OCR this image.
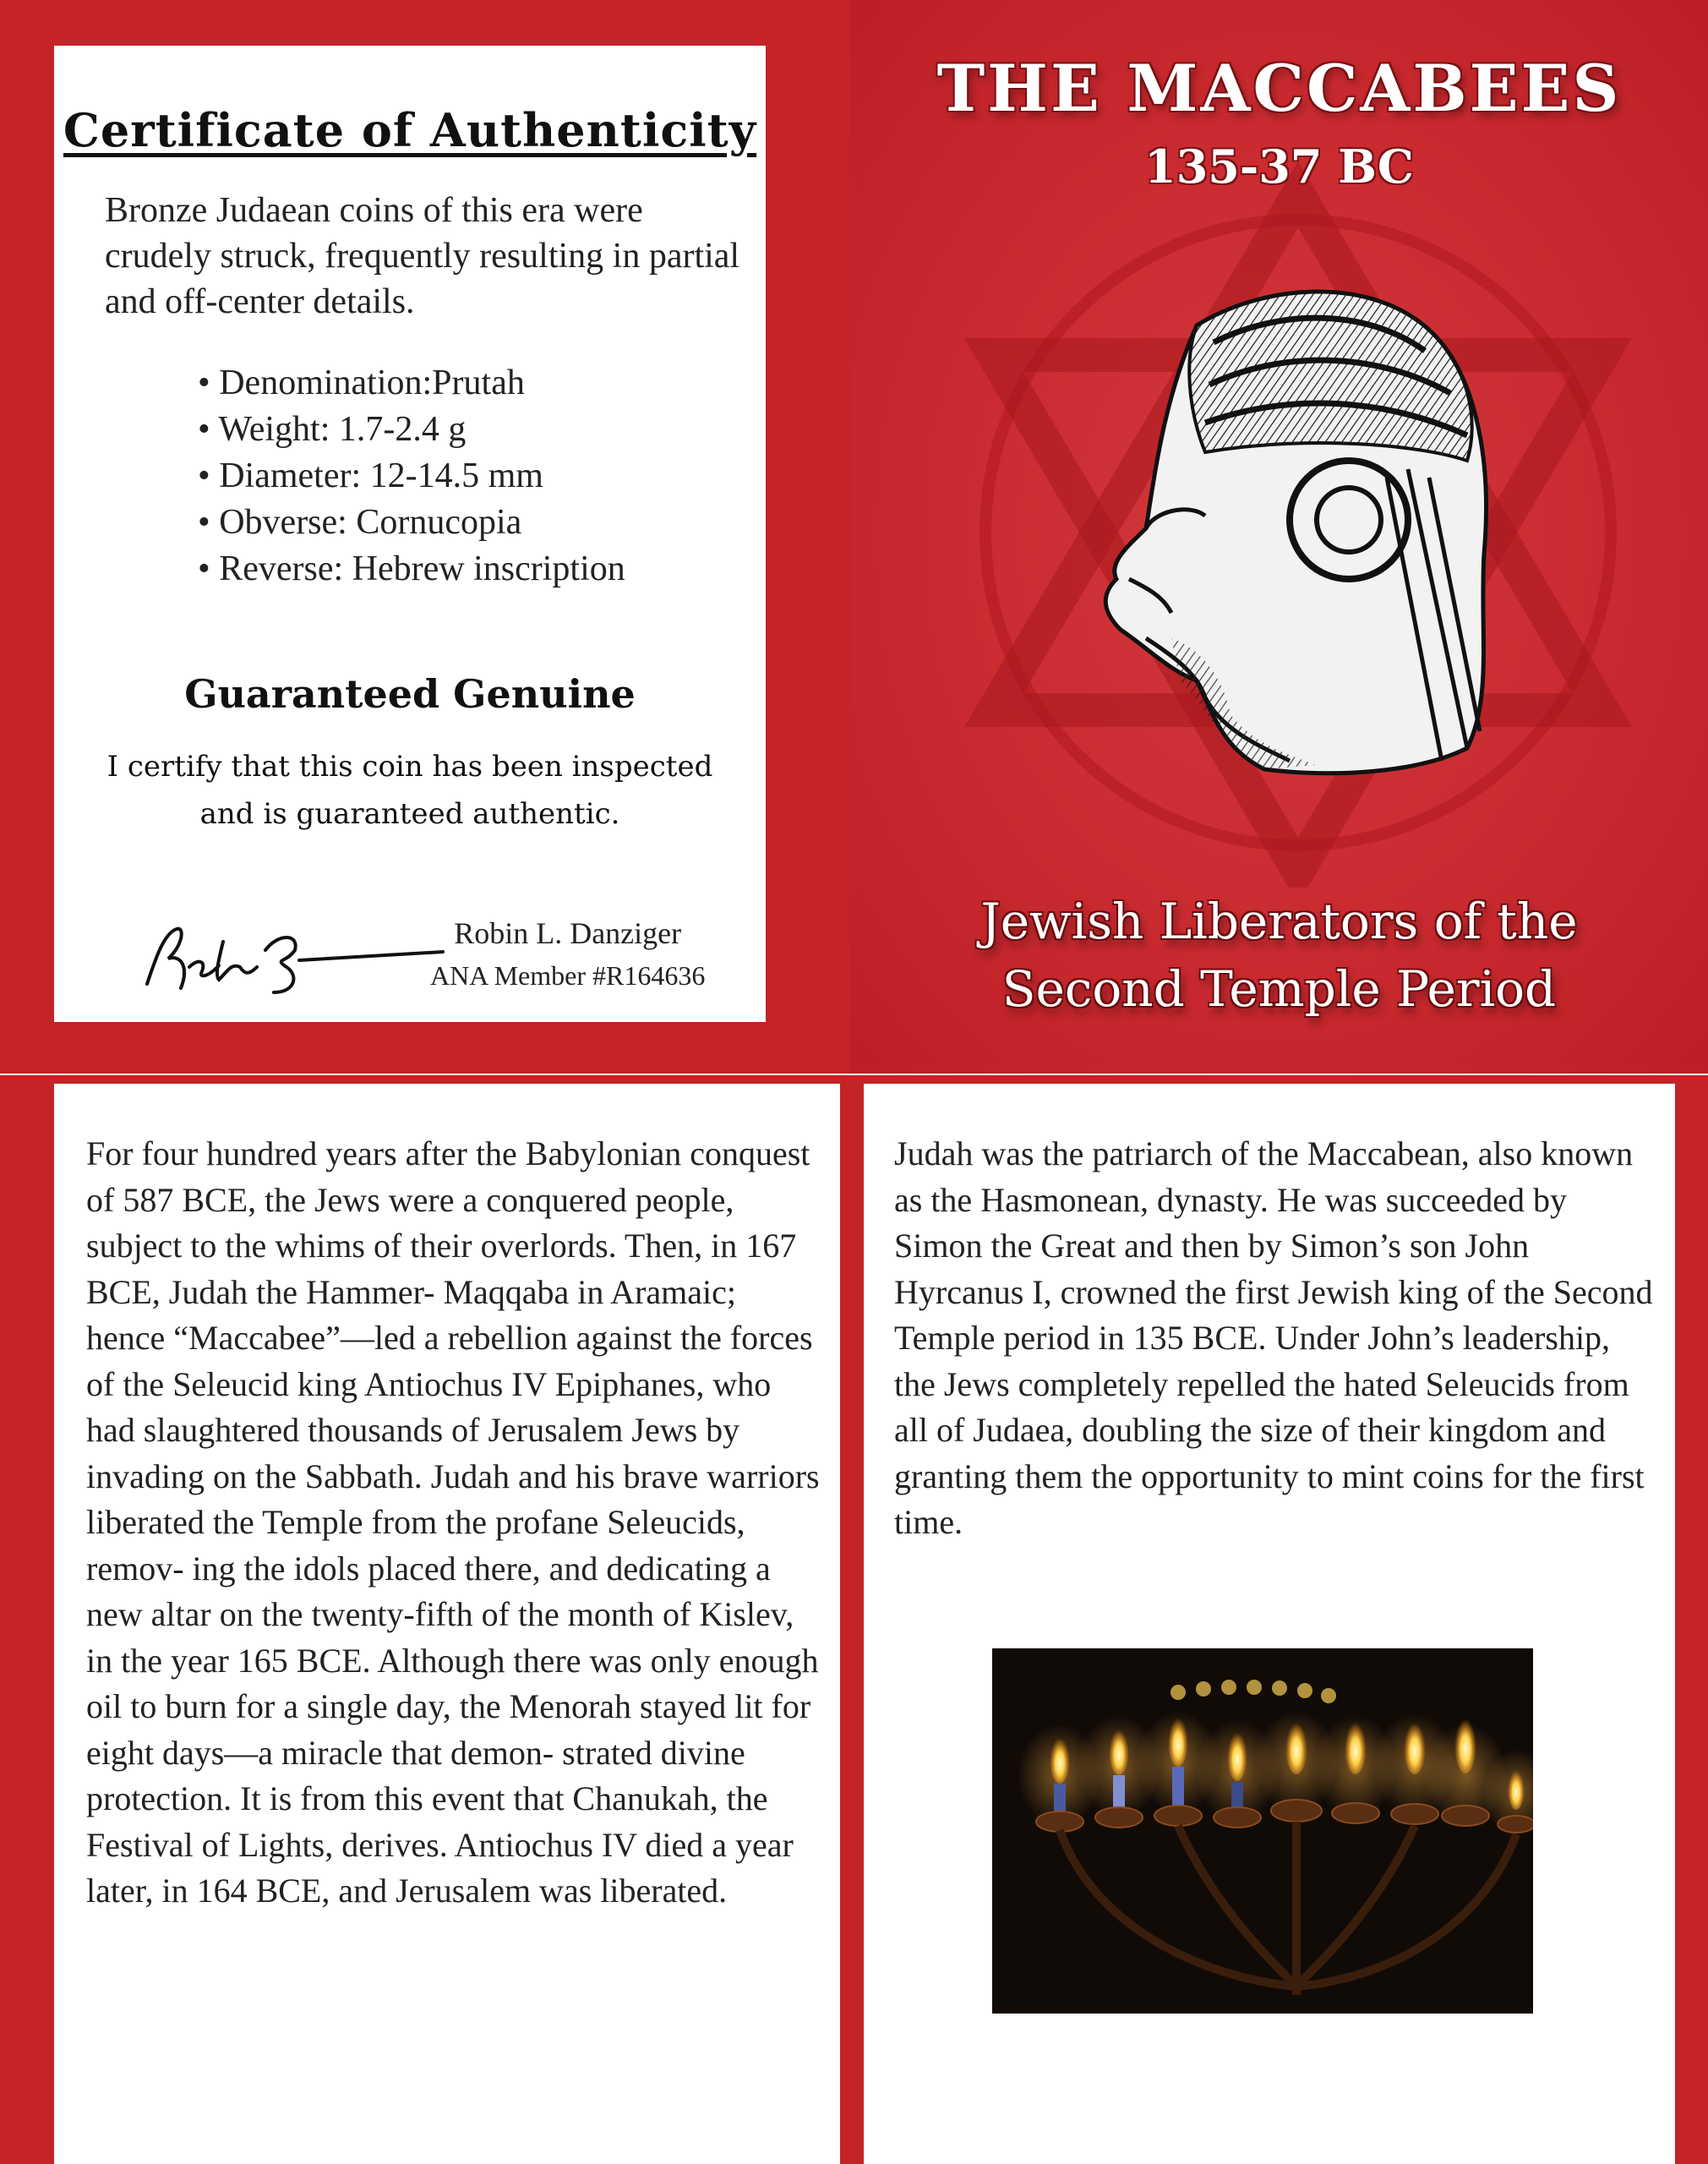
Certificate of Authenticity
Bronze Judaean coins of this era were crudely struck, frequently resulting in partial and off-center details.
• Denomination:Prutah
• Weight: 1.7-2.4 g
• Diameter: 12-14.5 mm
• Obverse: Cornucopia
• Reverse: Hebrew inscription
Guaranteed Genuine
I certify that this coin has been inspected
and is guaranteed authentic.
Robin L. Danziger
ANA Member #R164636
THE MACCABEES
135-37 BC
Jewish Liberators of the
Second Temple Period
For four hundred years after the Babylonian conquest of 587 BCE, the Jews were a conquered people, subject to the whims of their overlords. Then, in 167 BCE, Judah the Hammer- Maqqaba in Aramaic; hence “Maccabee”—led a rebellion against the forces of the Seleucid king Antiochus IV Epiphanes, who had slaughtered thousands of Jerusalem Jews by invading on the Sabbath. Judah and his brave warriors liberated the Temple from the profane Seleucids, remov- ing the idols placed there, and dedicating a new altar on the twenty-fifth of the month of Kislev, in the year 165 BCE. Although there was only enough oil to burn for a single day, the Menorah stayed lit for eight days—a miracle that demon- strated divine protection. It is from this event that Chanukah, the Festival of Lights, derives. Antiochus IV died a year later, in 164 BCE, and Jerusalem was liberated.
Judah was the patriarch of the Maccabean, also known as the Hasmonean, dynasty. He was succeeded by Simon the Great and then by Simon’s son John Hyrcanus I, crowned the first Jewish king of the Second Temple period in 135 BCE. Under John’s leadership, the Jews completely repelled the hated Seleucids from all of Judaea, doubling the size of their kingdom and granting them the opportunity to mint coins for the first time.
